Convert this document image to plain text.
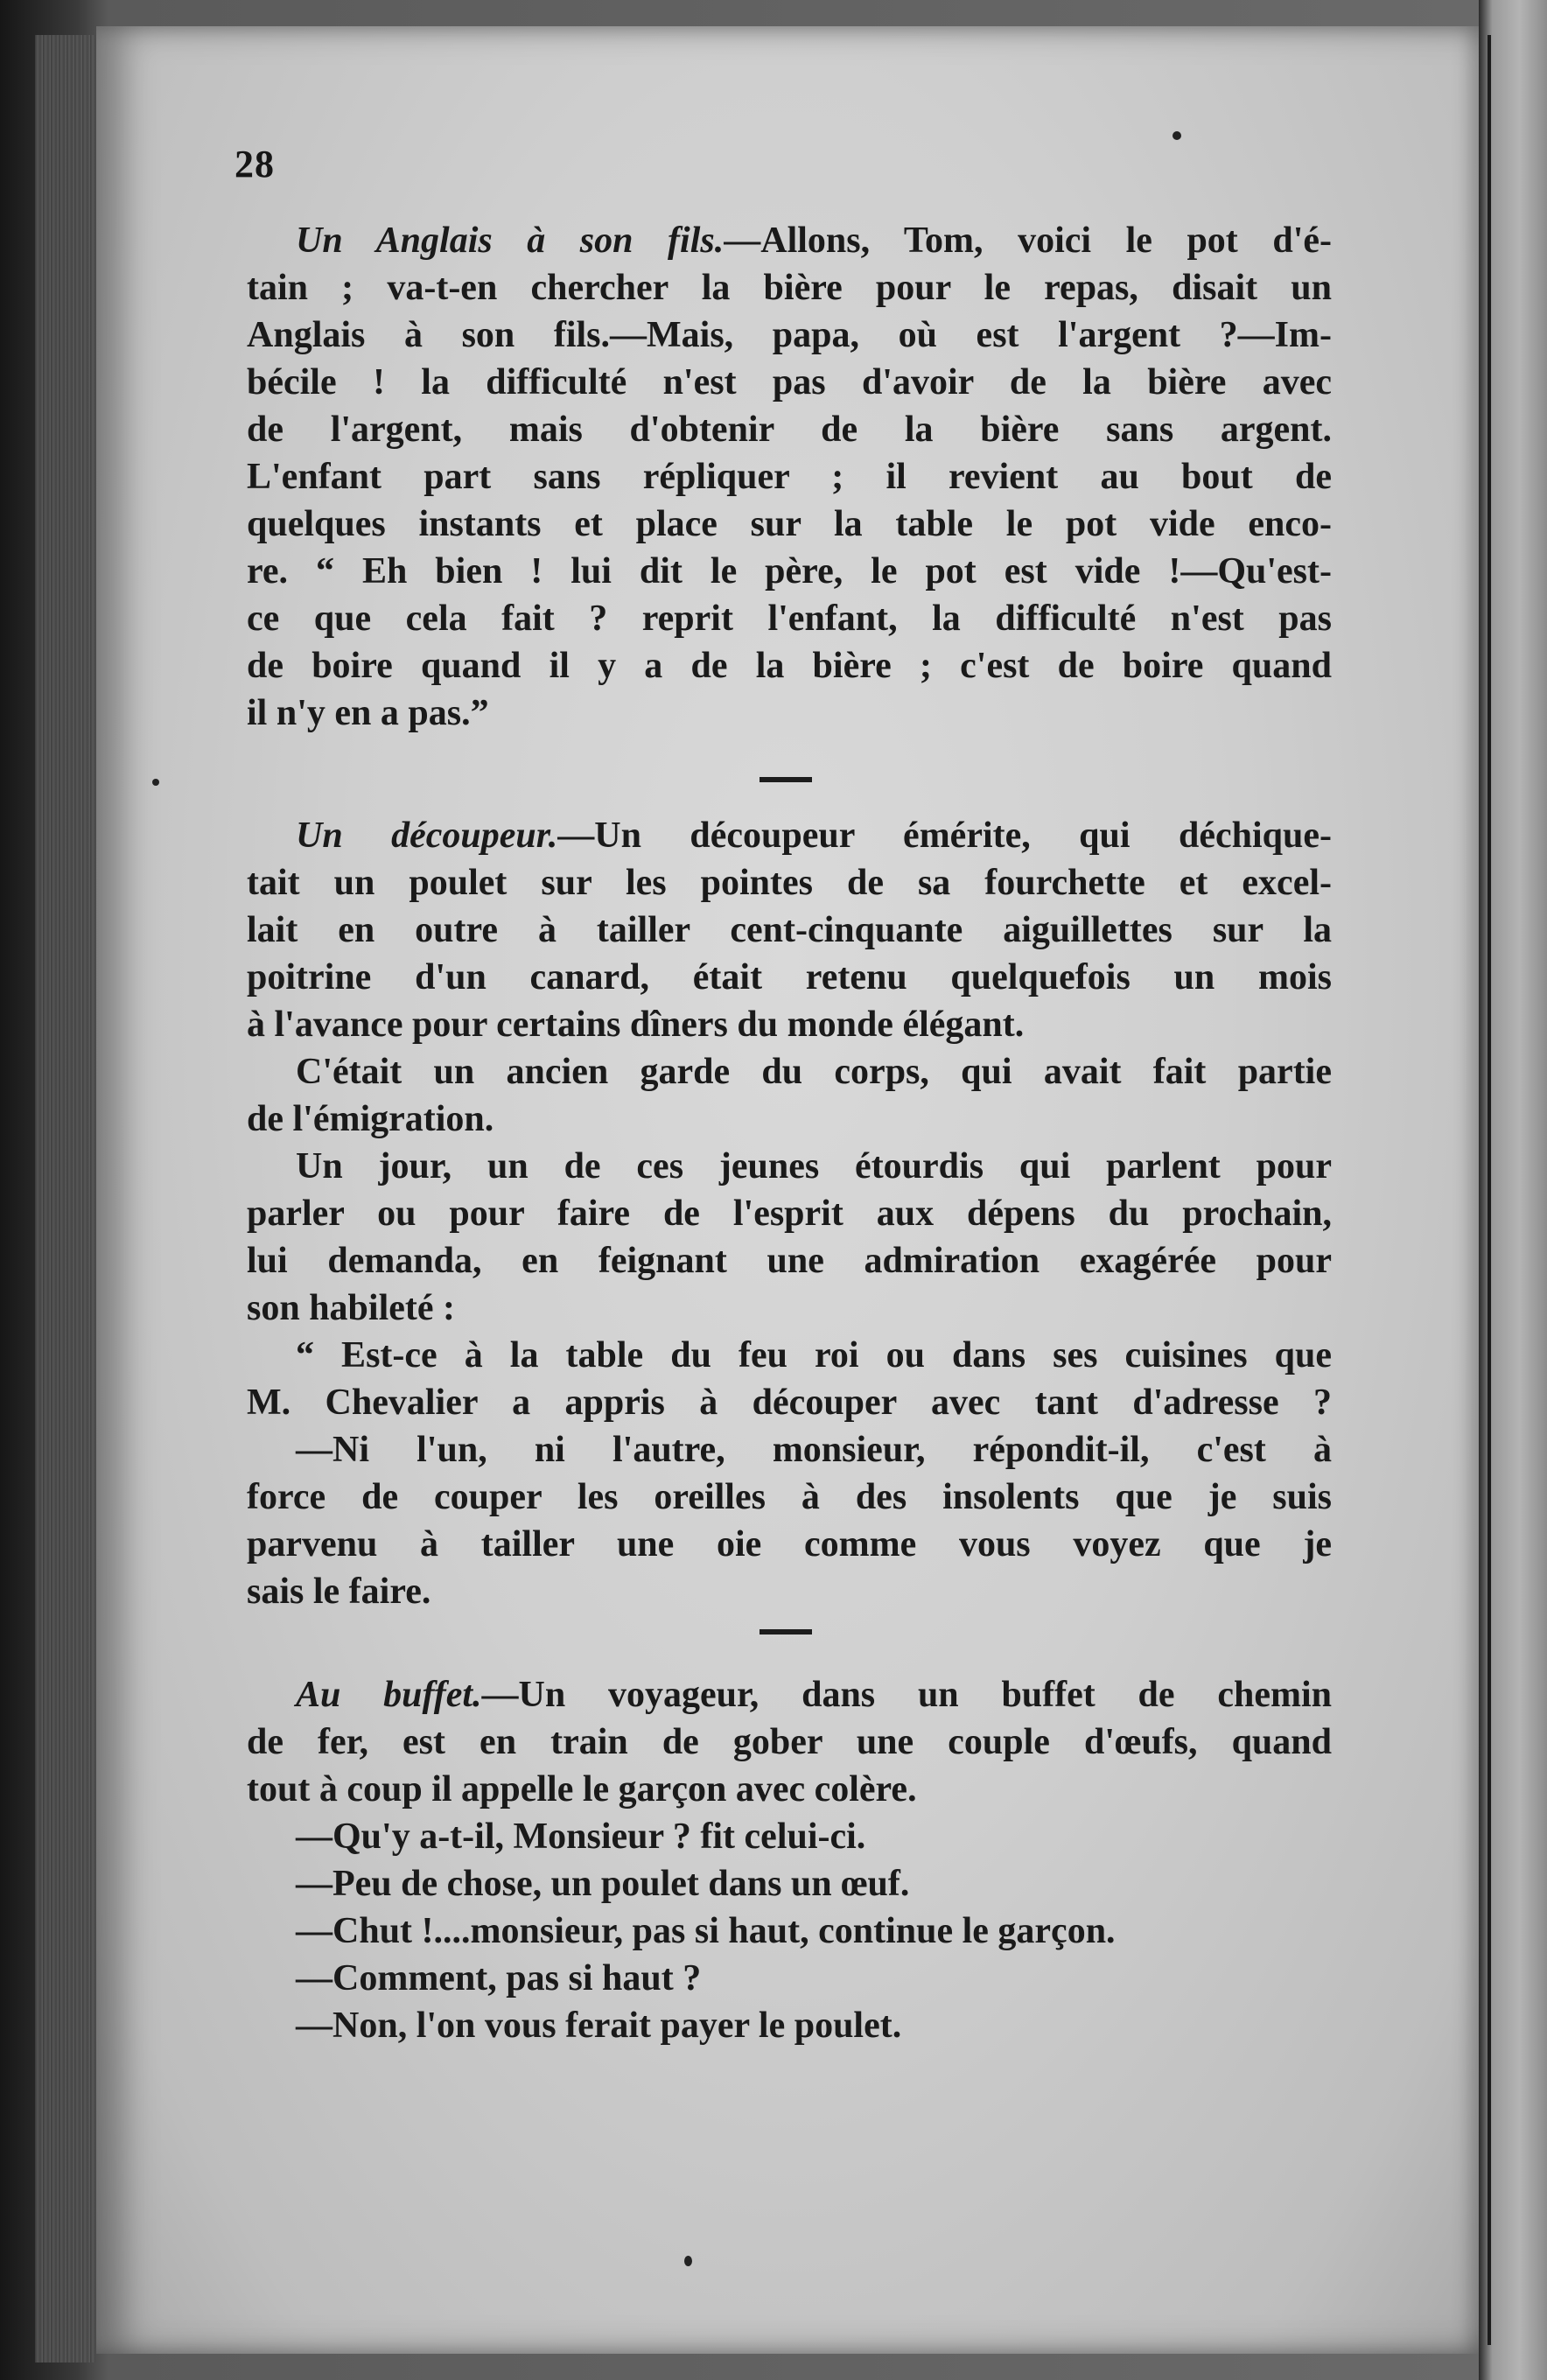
28
Un Anglais à son fils.—Allons, Tom, voici le pot d'é-
tain ; va-t-en chercher la bière pour le repas, disait un
Anglais à son fils.—Mais, papa, où est l'argent ?—Im-
bécile ! la difficulté n'est pas d'avoir de la bière avec
de l'argent, mais d'obtenir de la bière sans argent.
L'enfant part sans répliquer ; il revient au bout de
quelques instants et place sur la table le pot vide enco-
re. “ Eh bien ! lui dit le père, le pot est vide !—Qu'est-
ce que cela fait ? reprit l'enfant, la difficulté n'est pas
de boire quand il y a de la bière ; c'est de boire quand
il n'y en a pas.”
Un découpeur.—Un découpeur émérite, qui déchique-
tait un poulet sur les pointes de sa fourchette et excel-
lait en outre à tailler cent-cinquante aiguillettes sur la
poitrine d'un canard, était retenu quelquefois un mois
à l'avance pour certains dîners du monde élégant.
C'était un ancien garde du corps, qui avait fait partie
de l'émigration.
Un jour, un de ces jeunes étourdis qui parlent pour
parler ou pour faire de l'esprit aux dépens du prochain,
lui demanda, en feignant une admiration exagérée pour
son habileté :
“ Est-ce à la table du feu roi ou dans ses cuisines que
M. Chevalier a appris à découper avec tant d'adresse ?
—Ni l'un, ni l'autre, monsieur, répondit-il, c'est à
force de couper les oreilles à des insolents que je suis
parvenu à tailler une oie comme vous voyez que je
sais le faire.
Au buffet.—Un voyageur, dans un buffet de chemin
de fer, est en train de gober une couple d'œufs, quand
tout à coup il appelle le garçon avec colère.
—Qu'y a-t-il, Monsieur ? fit celui-ci.
—Peu de chose, un poulet dans un œuf.
—Chut !....monsieur, pas si haut, continue le garçon.
—Comment, pas si haut ?
—Non, l'on vous ferait payer le poulet.
